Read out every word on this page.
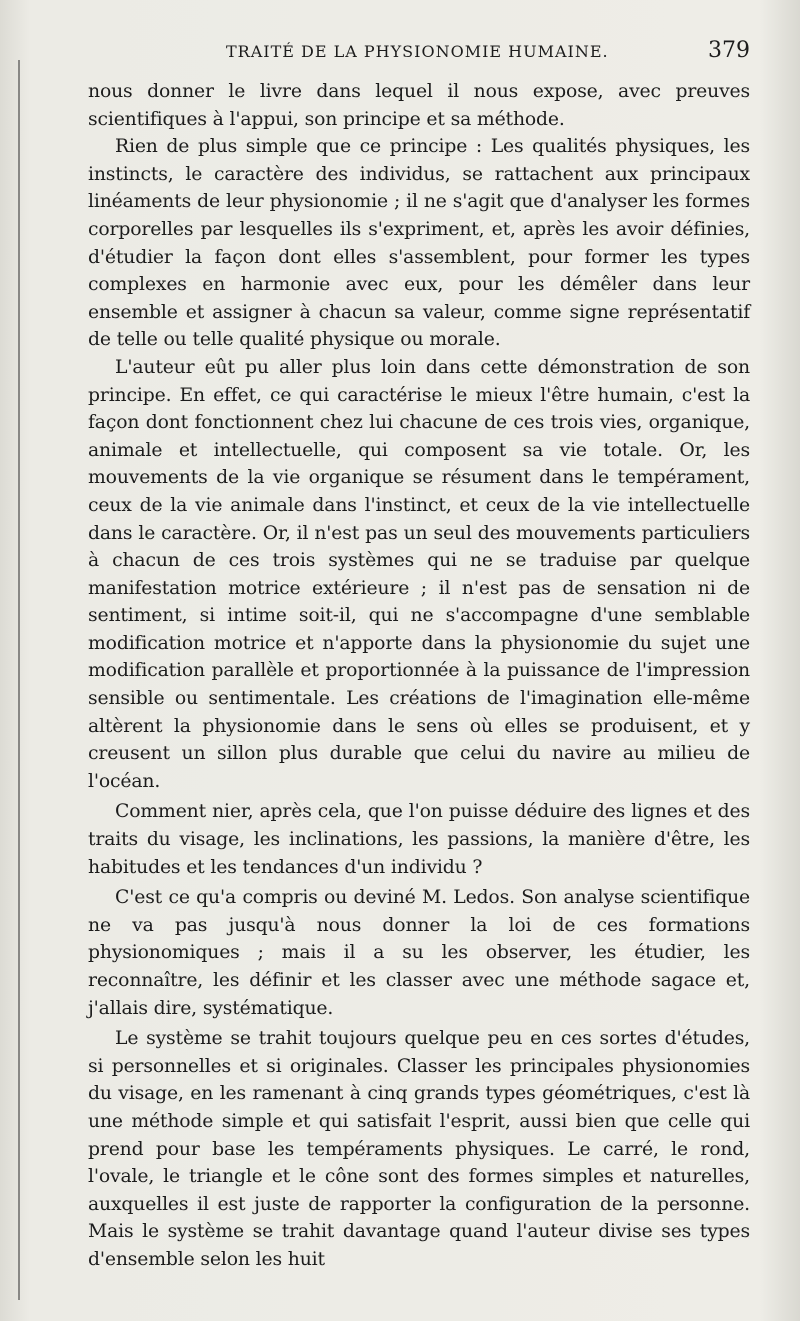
TRAITÉ DE LA PHYSIONOMIE HUMAINE.	379

nous donner le livre dans lequel il nous expose, avec preuves scientifiques à l'appui, son principe et sa méthode.

Rien de plus simple que ce principe : Les qualités physiques, les instincts, le caractère des individus, se rattachent aux principaux linéaments de leur physionomie ; il ne s'agit que d'analyser les formes corporelles par lesquelles ils s'expriment, et, après les avoir définies, d'étudier la façon dont elles s'assemblent, pour former les types complexes en harmonie avec eux, pour les démêler dans leur ensemble et assigner à chacun sa valeur, comme signe représentatif de telle ou telle qualité physique ou morale.

L'auteur eût pu aller plus loin dans cette démonstration de son principe. En effet, ce qui caractérise le mieux l'être humain, c'est la façon dont fonctionnent chez lui chacune de ces trois vies, organique, animale et intellectuelle, qui composent sa vie totale. Or, les mouvements de la vie organique se résument dans le tempérament, ceux de la vie animale dans l'instinct, et ceux de la vie intellectuelle dans le caractère. Or, il n'est pas un seul des mouvements particuliers à chacun de ces trois systèmes qui ne se traduise par quelque manifestation motrice extérieure ; il n'est pas de sensation ni de sentiment, si intime soit-il, qui ne s'accompagne d'une semblable modification motrice et n'apporte dans la physionomie du sujet une modification parallèle et proportionnée à la puissance de l'impression sensible ou sentimentale. Les créations de l'imagination elle-même altèrent la physionomie dans le sens où elles se produisent, et y creusent un sillon plus durable que celui du navire au milieu de l'océan.

Comment nier, après cela, que l'on puisse déduire des lignes et des traits du visage, les inclinations, les passions, la manière d'être, les habitudes et les tendances d'un individu ?

C'est ce qu'a compris ou deviné M. Ledos. Son analyse scientifique ne va pas jusqu'à nous donner la loi de ces formations physionomiques ; mais il a su les observer, les étudier, les reconnaître, les définir et les classer avec une méthode sagace et, j'allais dire, systématique.

Le système se trahit toujours quelque peu en ces sortes d'études, si personnelles et si originales. Classer les principales physionomies du visage, en les ramenant à cinq grands types géométriques, c'est là une méthode simple et qui satisfait l'esprit, aussi bien que celle qui prend pour base les tempéraments physiques. Le carré, le rond, l'ovale, le triangle et le cône sont des formes simples et naturelles, auxquelles il est juste de rapporter la configuration de la personne. Mais le système se trahit davantage quand l'auteur divise ses types d'ensemble selon les huit
